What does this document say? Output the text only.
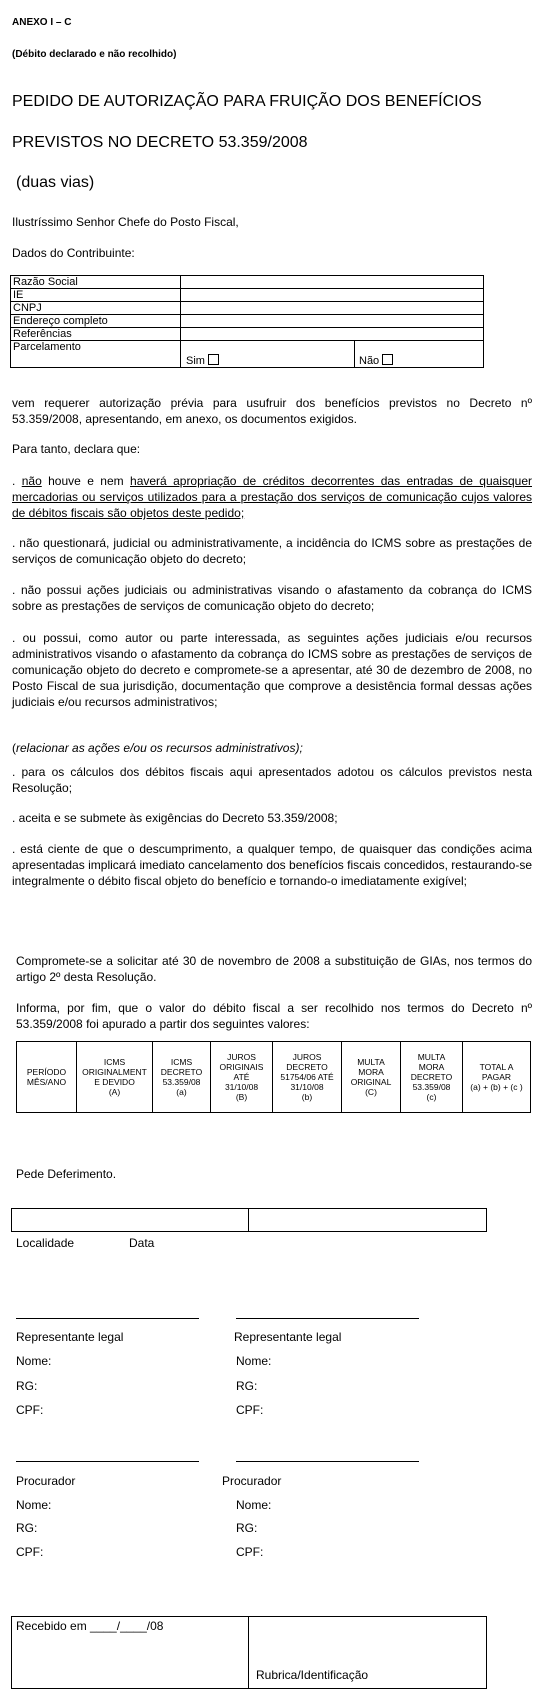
ANEXO I – C
(Débito declarado e não recolhido)
PEDIDO DE AUTORIZAÇÃO PARA FRUIÇÃO DOS BENEFÍCIOS
PREVISTOS NO DECRETO 53.359/2008
(duas vias)
Ilustríssimo Senhor Chefe do Posto Fiscal,
Dados do Contribuinte:
Razão Social	
IE	
CNPJ	
Endereço completo	
Referências	
Parcelamento	Sim Não
vem requerer autorização prévia para usufruir dos benefícios previstos no Decreto nº 53.359/2008, apresentando, em anexo, os documentos exigidos.
Para tanto, declara que:
. não houve e nem haverá apropriação de créditos decorrentes das entradas de quaisquer mercadorias ou serviços utilizados para a prestação dos serviços de comunicação cujos valores de débitos fiscais são objetos deste pedido;
. não questionará, judicial ou administrativamente, a incidência do ICMS sobre as prestações de serviços de comunicação objeto do decreto;
. não possui ações judiciais ou administrativas visando o afastamento da cobrança do ICMS sobre as prestações de serviços de comunicação objeto do decreto;
. ou possui, como autor ou parte interessada, as seguintes ações judiciais e/ou recursos administrativos visando o afastamento da cobrança do ICMS sobre as prestações de serviços de comunicação objeto do decreto e compromete-se a apresentar, até 30 de dezembro de 2008, no Posto Fiscal de sua jurisdição, documentação que comprove a desistência formal dessas ações judiciais e/ou recursos administrativos;
(relacionar as ações e/ou os recursos administrativos);
. para os cálculos dos débitos fiscais aqui apresentados adotou os cálculos previstos nesta Resolução;
. aceita e se submete às exigências do Decreto 53.359/2008;
. está ciente de que o descumprimento, a qualquer tempo, de quaisquer das condições acima apresentadas implicará imediato cancelamento dos benefícios fiscais concedidos, restaurando-se integralmente o débito fiscal objeto do benefício e tornando-o imediatamente exigível;
Compromete-se a solicitar até 30 de novembro de 2008 a substituição de GIAs, nos termos do artigo 2º desta Resolução.
Informa, por fim, que o valor do débito fiscal a ser recolhido nos termos do Decreto nº 53.359/2008 foi apurado a partir dos seguintes valores:
PERÍODO
MÊS/ANO

ICMS
ORIGINALMENT
E DEVIDO
(A)

ICMS
DECRETO
53.359/08
(a)

JUROS
ORIGINAIS
ATÉ
31/10/08
(B)

JUROS
DECRETO
51754/06 ATÉ
31/10/08
(b)

MULTA
MORA
ORIGINAL
(C)

MULTA
MORA
DECRETO
53.359/08
(c)

TOTAL A
PAGAR
(a) + (b) + (c )
Pede Deferimento.
Localidade	Data
Representante legal	Representante legal
Nome:	Nome:
RG:	RG:
CPF:	CPF:
Procurador	Procurador
Nome:	Nome:
RG:	RG:
CPF:	CPF:
Recebido em ____/____/08
Rubrica/Identificação
